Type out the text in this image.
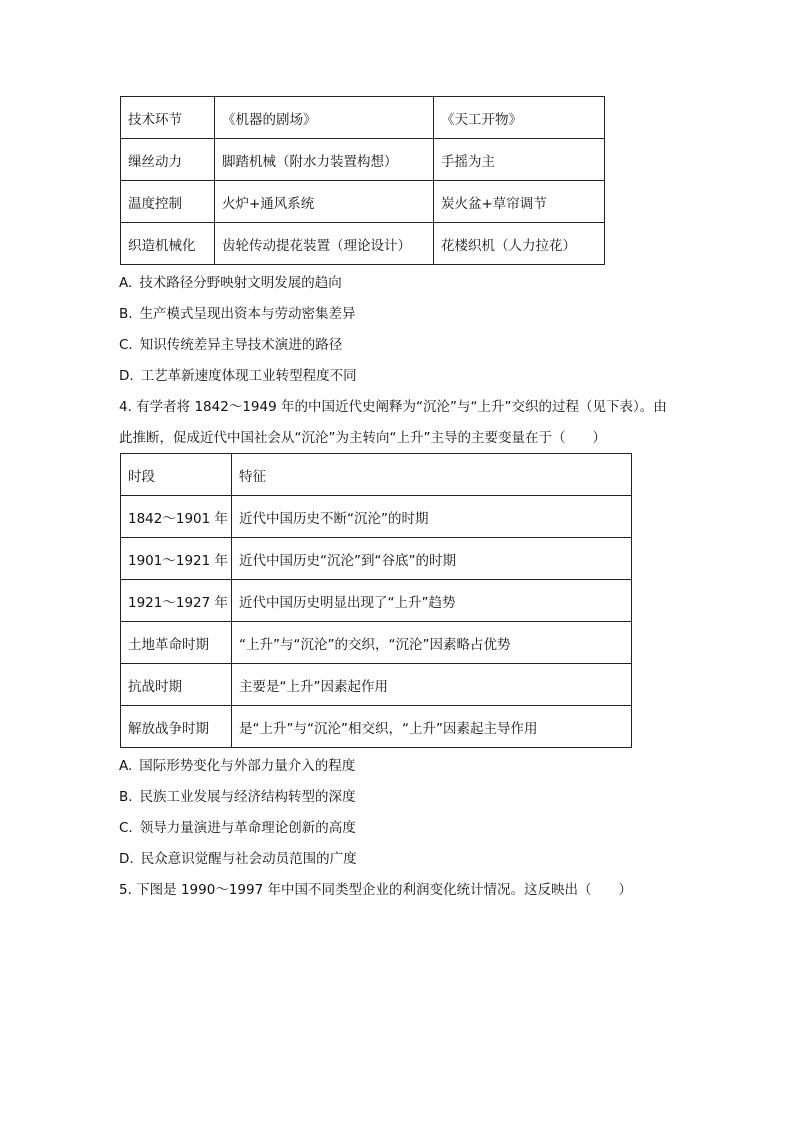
技术环节	《机器的剧场》	《天工开物》
缫丝动力	脚踏机械（附水力装置构想）	手摇为主
温度控制	火炉+通风系统	炭火盆+草帘调节
织造机械化	齿轮传动提花装置（理论设计）	花楼织机（人力拉花）
A. 技术路径分野映射文明发展的趋向
B. 生产模式呈现出资本与劳动密集差异
C. 知识传统差异主导技术演进的路径
D. 工艺革新速度体现工业转型程度不同
4. 有学者将 1842～1949 年的中国近代史阐释为“沉沦”与“上升”交织的过程（见下表）。由
此推断，促成近代中国社会从“沉沦”为主转向“上升”主导的主要变量在于（　　）
时段	特征
1842～1901 年	近代中国历史不断“沉沦”的时期
1901～1921 年	近代中国历史“沉沦”到“谷底”的时期
1921～1927 年	近代中国历史明显出现了“上升”趋势
土地革命时期	“上升”与“沉沦”的交织，“沉沦”因素略占优势
抗战时期	主要是“上升”因素起作用
解放战争时期	是“上升”与“沉沦”相交织，“上升”因素起主导作用
A. 国际形势变化与外部力量介入的程度
B. 民族工业发展与经济结构转型的深度
C. 领导力量演进与革命理论创新的高度
D. 民众意识觉醒与社会动员范围的广度
5. 下图是 1990～1997 年中国不同类型企业的利润变化统计情况。这反映出（　　）
